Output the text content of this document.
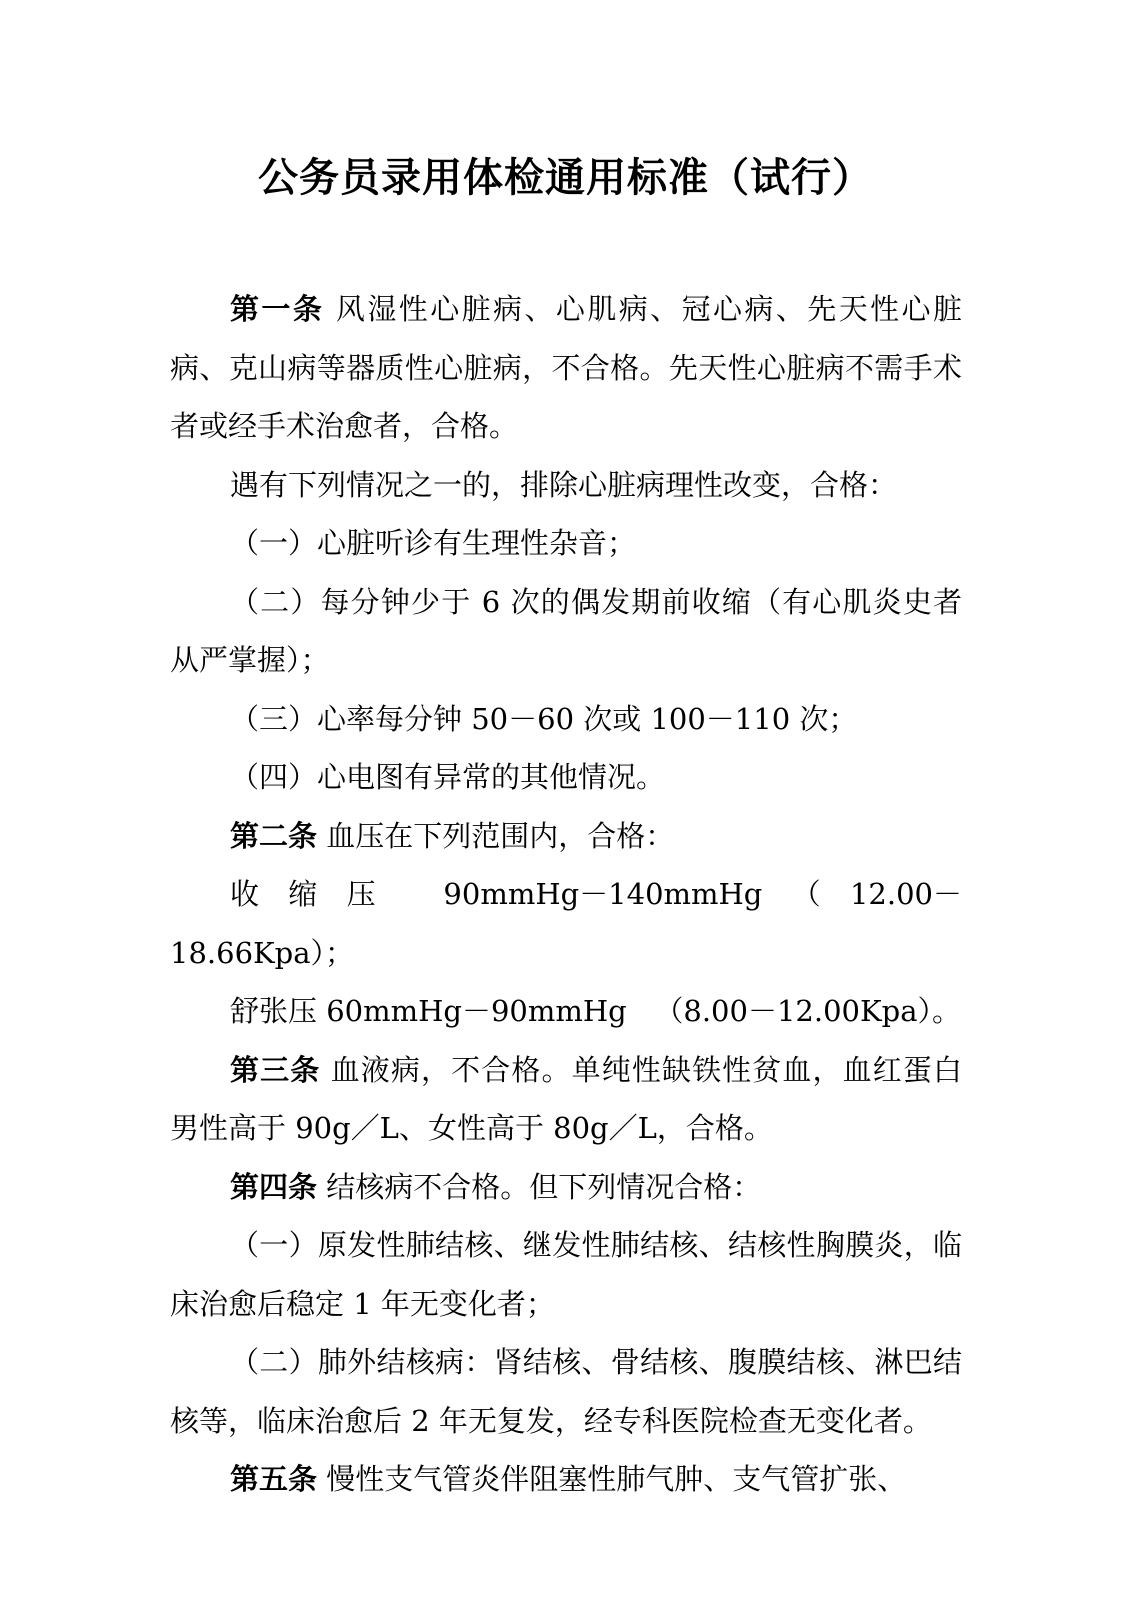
公务员录用体检通用标准（试行）

第一条 风湿性心脏病、心肌病、冠心病、先天性心脏病、克山病等器质性心脏病，不合格。先天性心脏病不需手术者或经手术治愈者，合格。

遇有下列情况之一的，排除心脏病理性改变，合格：

（一）心脏听诊有生理性杂音；

（二）每分钟少于 6 次的偶发期前收缩（有心肌炎史者从严掌握）；

（三）心率每分钟 50－60 次或 100－110 次；

（四）心电图有异常的其他情况。

第二条 血压在下列范围内，合格：

收缩压 90mmHg－140mmHg（12.00－18.66Kpa）；

舒张压 60mmHg－90mmHg   （8.00－12.00Kpa）。

第三条 血液病，不合格。单纯性缺铁性贫血，血红蛋白男性高于 90g／L、女性高于 80g／L，合格。

第四条 结核病不合格。但下列情况合格：

（一）原发性肺结核、继发性肺结核、结核性胸膜炎，临床治愈后稳定 1 年无变化者；

（二）肺外结核病：肾结核、骨结核、腹膜结核、淋巴结核等，临床治愈后 2 年无复发，经专科医院检查无变化者。

第五条 慢性支气管炎伴阻塞性肺气肿、支气管扩张、
